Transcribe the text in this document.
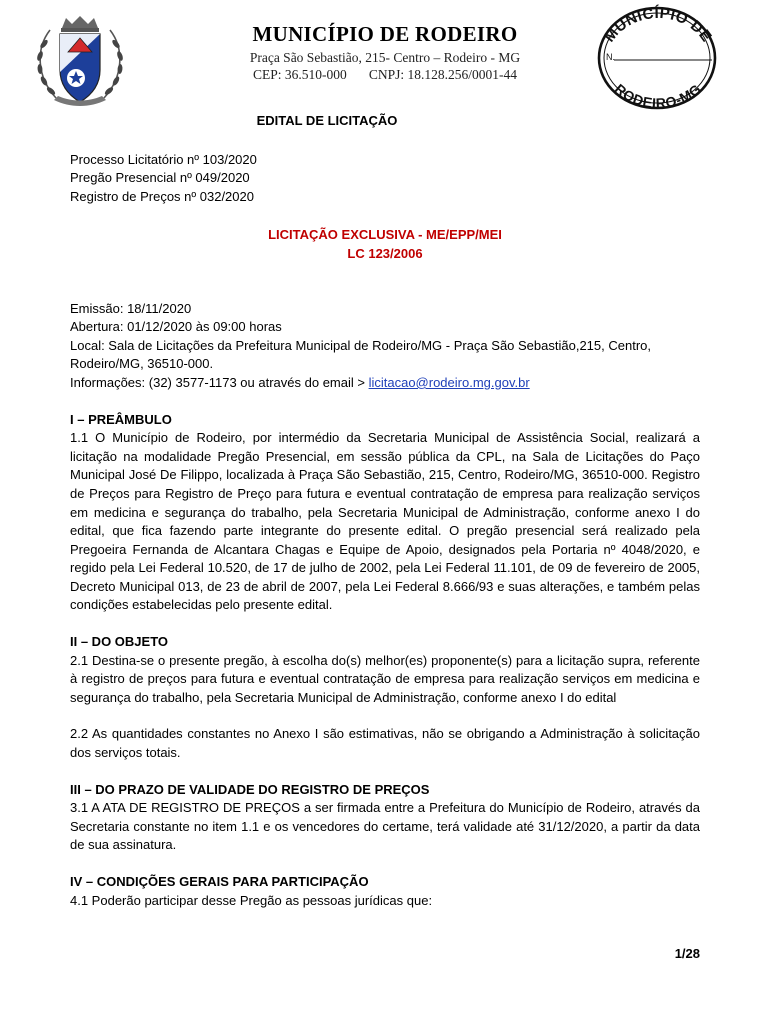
MUNICÍPIO DE RODEIRO
Praça São Sebastião, 215- Centro – Rodeiro - MG
CEP: 36.510-000 CNPJ: 18.128.256/0001-44
MUNICÍPIO DE
RODEIRO-MG
N.

EDITAL DE LICITAÇÃO

Processo Licitatório nº 103/2020

Pregão Presencial nº 049/2020

Registro de Preços nº 032/2020

LICITAÇÃO EXCLUSIVA - ME/EPP/MEI

LC 123/2006

Emissão: 18/11/2020

Abertura: 01/12/2020 às 09:00 horas

Local: Sala de Licitações da Prefeitura Municipal de Rodeiro/MG - Praça São Sebastião,215, Centro, Rodeiro/MG, 36510-000.

Informações: (32) 3577-1173 ou através do email > licitacao@rodeiro.mg.gov.br

I – PREÂMBULO

1.1 O Município de Rodeiro, por intermédio da Secretaria Municipal de Assistência Social, realizará a licitação na modalidade Pregão Presencial, em sessão pública da CPL, na Sala de Licitações do Paço Municipal José De Filippo, localizada à Praça São Sebastião, 215, Centro, Rodeiro/MG, 36510-000. Registro de Preços para Registro de Preço para futura e eventual contratação de empresa para realização serviços em medicina e segurança do trabalho, pela Secretaria Municipal de Administração, conforme anexo I do edital, que fica fazendo parte integrante do presente edital. O pregão presencial será realizado pela Pregoeira Fernanda de Alcantara Chagas e Equipe de Apoio, designados pela Portaria nº 4048/2020, e regido pela Lei Federal 10.520, de 17 de julho de 2002, pela Lei Federal 11.101, de 09 de fevereiro de 2005, Decreto Municipal 013, de 23 de abril de 2007, pela Lei Federal 8.666/93 e suas alterações, e também pelas condições estabelecidas pelo presente edital.

II – DO OBJETO

2.1 Destina-se o presente pregão, à escolha do(s) melhor(es) proponente(s) para a licitação supra, referente à registro de preços para futura e eventual contratação de empresa para realização serviços em medicina e segurança do trabalho, pela Secretaria Municipal de Administração, conforme anexo I do edital

2.2 As quantidades constantes no Anexo I são estimativas, não se obrigando a Administração à solicitação dos serviços totais.

III – DO PRAZO DE VALIDADE DO REGISTRO DE PREÇOS

3.1 A ATA DE REGISTRO DE PREÇOS a ser firmada entre a Prefeitura do Município de Rodeiro, através da Secretaria constante no item 1.1 e os vencedores do certame, terá validade até 31/12/2020, a partir da data de sua assinatura.

IV – CONDIÇÕES GERAIS PARA PARTICIPAÇÃO

4.1 Poderão participar desse Pregão as pessoas jurídicas que:

1/28
